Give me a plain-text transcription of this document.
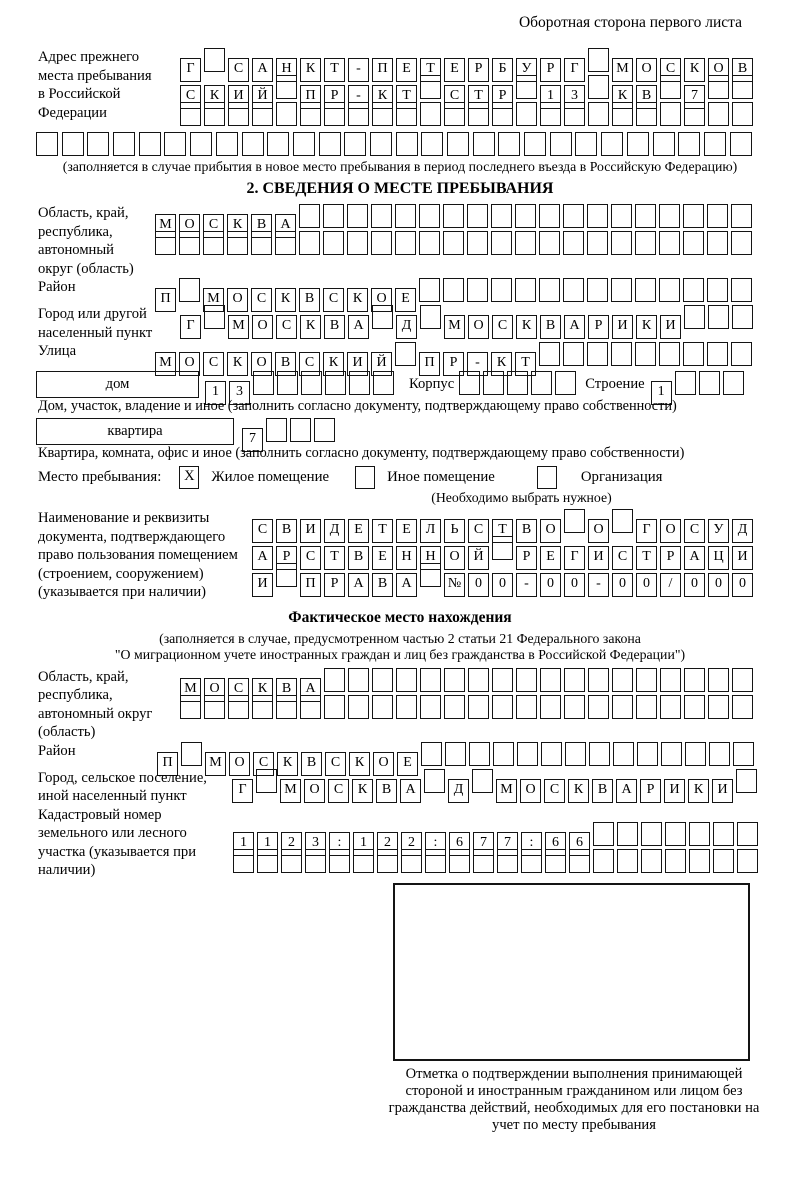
Оборотная сторона первого листа
Адрес прежнего места пребывания в Российской Федерации
Г	С А Н К Т - П Е Т Е Р Б У Р Г	М О С К О В
С К И Й	П Р - К Т	С Т Р	1 3	К В	7
(заполняется в случае прибытия в новое место пребывания в период последнего въезда в Российскую Федерацию)
2. СВЕДЕНИЯ О МЕСТЕ ПРЕБЫВАНИЯ
Область, край, республика, автономный округ (область)
М О С К В А
Район
П	М О С К В С К О Е
Город или другой населенный пункт	Г	М О С К В А	Д	М О С К В А Р И К И
Улица
М О С К О В С К И Й	П Р - К Т
дом	1 3	Корпус	Строение 1
Дом, участок, владение и иное (заполнить согласно документу, подтверждающему право собственности)
квартира	7
Квартира, комната, офис и иное (заполнить согласно документу, подтверждающему право собственности)
Место пребывания: X Жилое помещение	Иное помещение	Организация
(Необходимо выбрать нужное)
Наименование и реквизиты документа, подтверждающего право пользования помещением (строением, сооружением) (указывается при наличии)
С В И Д Е Т Е Л Ь С Т В О	О	Г О С У Д
А Р С Т В Е Н Н О Й	Р Е Г И С Т Р А Ц И
И	П Р А В А	№ 0 0 - 0 0 - 0 0 / 0 0 0
Фактическое место нахождения
(заполняется в случае, предусмотренном частью 2 статьи 21 Федерального закона
"О миграционном учете иностранных граждан и лиц без гражданства в Российской Федерации")
Область, край, республика, автономный округ (область)
М О С К В А
Район
П	М О С К В С К О Е
Город, сельское поселение, иной населенный пункт	Г	М О С К В А	Д	М О С К В А Р И К И
Кадастровый номер земельного или лесного участка (указывается при наличии)
1 1 2 3 : 1 2 2 : 6 7 7 : 6 6
Отметка о подтверждении выполнения принимающей стороной и иностранным гражданином или лицом без гражданства действий, необходимых для его постановки на учет по месту пребывания
